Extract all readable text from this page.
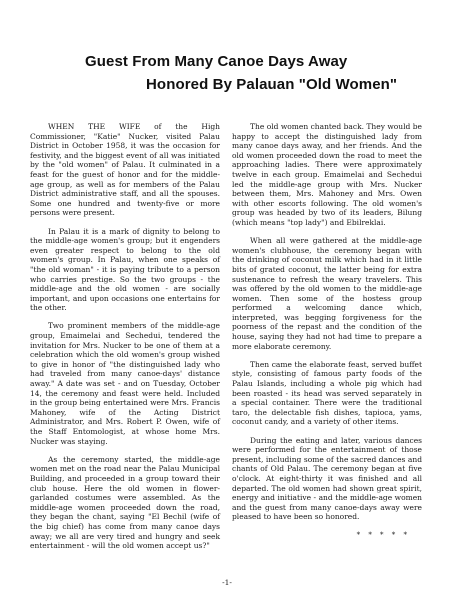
Guest From Many Canoe Days Away
Honored By Palauan "Old Women"

WHEN THE WIFE of the High Commissioner, "Katie" Nucker, visited Palau District in October 1958, it was the occasion for festivity, and the biggest event of all was initiated by the "old women" of Palau. It culminated in a feast for the guest of honor and for the middle-age group, as well as for members of the Palau District administrative staff, and all the spouses. Some one hundred and twenty-five or more persons were present.

In Palau it is a mark of dignity to belong to the middle-age women's group; but it engenders even greater respect to belong to the old women's group. In Palau, when one speaks of "the old woman" - it is paying tribute to a person who carries prestige. So the two groups - the middle-age and the old women - are socially important, and upon occasions one entertains for the other.

Two prominent members of the middle-age group, Emaimelai and Sechedui, tendered the invitation for Mrs. Nucker to be one of them at a celebration which the old women's group wished to give in honor of "the distinguished lady who had traveled from many canoe-days' distance away." A date was set - and on Tuesday, October 14, the ceremony and feast were held. Included in the group being entertained were Mrs. Francis Mahoney, wife of the Acting District Administrator, and Mrs. Robert P. Owen, wife of the Staff Entomologist, at whose home Mrs. Nucker was staying.

As the ceremony started, the middle-age women met on the road near the Palau Municipal Building, and proceeded in a group toward their club house. Here the old women in flower-garlanded costumes were assembled. As the middle-age women proceeded down the road, they began the chant, saying "El Bechil (wife of the big chief) has come from many canoe days away; we all are very tired and hungry and seek entertainment - will the old women accept us?"

The old women chanted back. They would be happy to accept the distinguished lady from many canoe days away, and her friends. And the old women proceeded down the road to meet the approaching ladies. There were approximately twelve in each group. Emaimelai and Sechedui led the middle-age group with Mrs. Nucker between them, Mrs. Mahoney and Mrs. Owen with other escorts following. The old women's group was headed by two of its leaders, Bilung (which means "top lady") and Ebilreklai.

When all were gathered at the middle-age women's clubhouse, the ceremony began with the drinking of coconut milk which had in it little bits of grated coconut, the latter being for extra sustenance to refresh the weary travelers. This was offered by the old women to the middle-age women. Then some of the hostess group performed a welcoming dance which, interpreted, was begging forgiveness for the poorness of the repast and the condition of the house, saying they had not had time to prepare a more elaborate ceremony.

Then came the elaborate feast, served buffet style, consisting of famous party foods of the Palau Islands, including a whole pig which had been roasted - its head was served separately in a special container. There were the traditional taro, the delectable fish dishes, tapioca, yams, coconut candy, and a variety of other items.

During the eating and later, various dances were performed for the entertainment of those present, including some of the sacred dances and chants of Old Palau. The ceremony began at five o'clock. At eight-thirty it was finished and all departed. The old women had shown great spirit, energy and initiative - and the middle-age women and the guest from many canoe-days away were pleased to have been so honored.

* * * * *

-1-
